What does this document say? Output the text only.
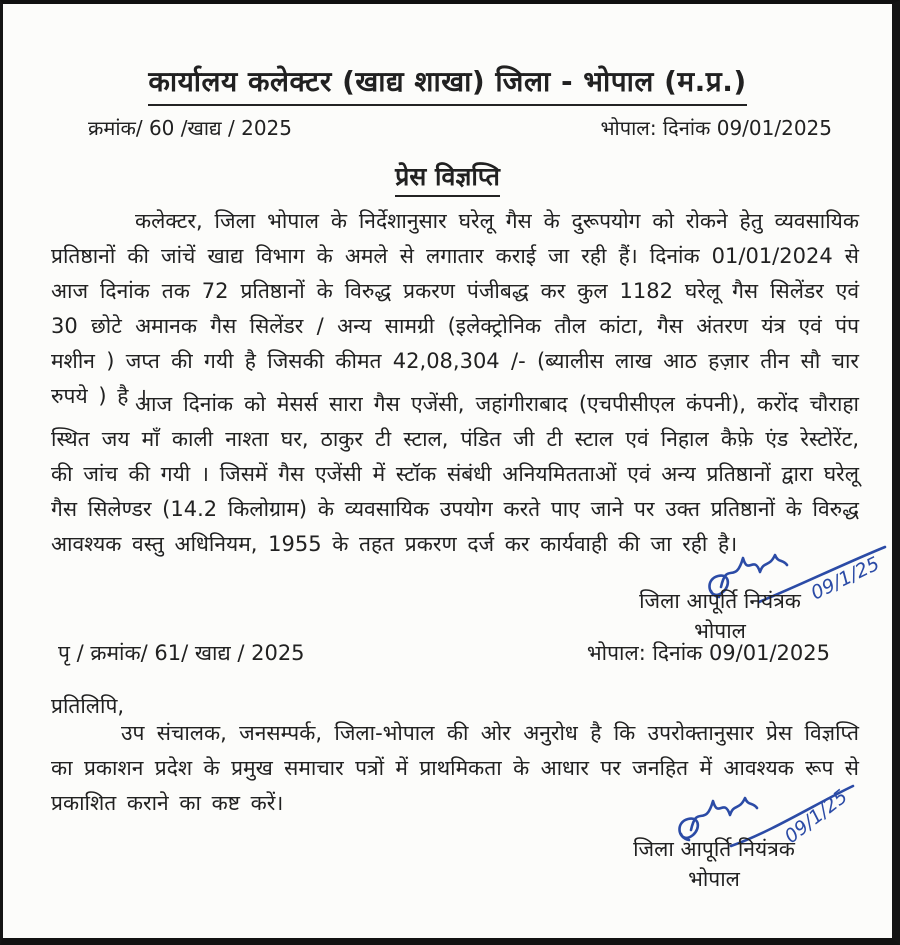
कार्यालय कलेक्टर (खाद्य शाखा) जिला - भोपाल (म.प्र.)
क्रमांक/ 60 /खाद्य / 2025	भोपाल: दिनांक 09/01/2025
प्रेस विज्ञप्ति

कलेक्टर, जिला भोपाल के निर्देशानुसार घरेलू गैस के दुरूपयोग को रोकने हेतु व्यवसायिक प्रतिष्ठानों की जांचें खाद्य विभाग के अमले से लगातार कराई जा रही हैं। दिनांक 01/01/2024 से आज दिनांक तक 72 प्रतिष्ठानों के विरुद्ध प्रकरण पंजीबद्ध कर कुल 1182 घरेलू गैस सिलेंडर एवं 30 छोटे अमानक गैस सिलेंडर / अन्य सामग्री (इलेक्ट्रोनिक तौल कांटा, गैस अंतरण यंत्र एवं पंप मशीन ) जप्त की गयी है जिसकी कीमत 42,08,304 /- (ब्यालीस लाख आठ हज़ार तीन सौ चार रुपये ) है ।

आज दिनांक को मेसर्स सारा गैस एजेंसी, जहांगीराबाद (एचपीसीएल कंपनी), करोंद चौराहा स्थित जय माँ काली नाश्ता घर, ठाकुर टी स्टाल, पंडित जी टी स्टाल एवं निहाल कैफ़े एंड रेस्टोरेंट, की जांच की गयी । जिसमें गैस एजेंसी में स्टॉक संबंधी अनियमितताओं एवं अन्य प्रतिष्ठानों द्वारा घरेलू गैस सिलेण्डर (14.2 किलोग्राम) के व्यवसायिक उपयोग करते पाए जाने पर उक्त प्रतिष्ठानों के विरुद्ध आवश्यक वस्तु अधिनियम, 1955 के तहत प्रकरण दर्ज कर कार्यवाही की जा रही है।

09/1/25
जिला आपूर्ति नियंत्रक
भोपाल
पृ / क्रमांक/ 61/ खाद्य / 2025	भोपाल: दिनांक 09/01/2025
प्रतिलिपि,

उप संचालक, जनसम्पर्क, जिला-भोपाल की ओर अनुरोध है कि उपरोक्तानुसार प्रेस विज्ञप्ति का प्रकाशन प्रदेश के प्रमुख समाचार पत्रों में प्राथमिकता के आधार पर जनहित में आवश्यक रूप से प्रकाशित कराने का कष्ट करें।	09/1/25
जिला आपूर्ति नियंत्रक
भोपाल
